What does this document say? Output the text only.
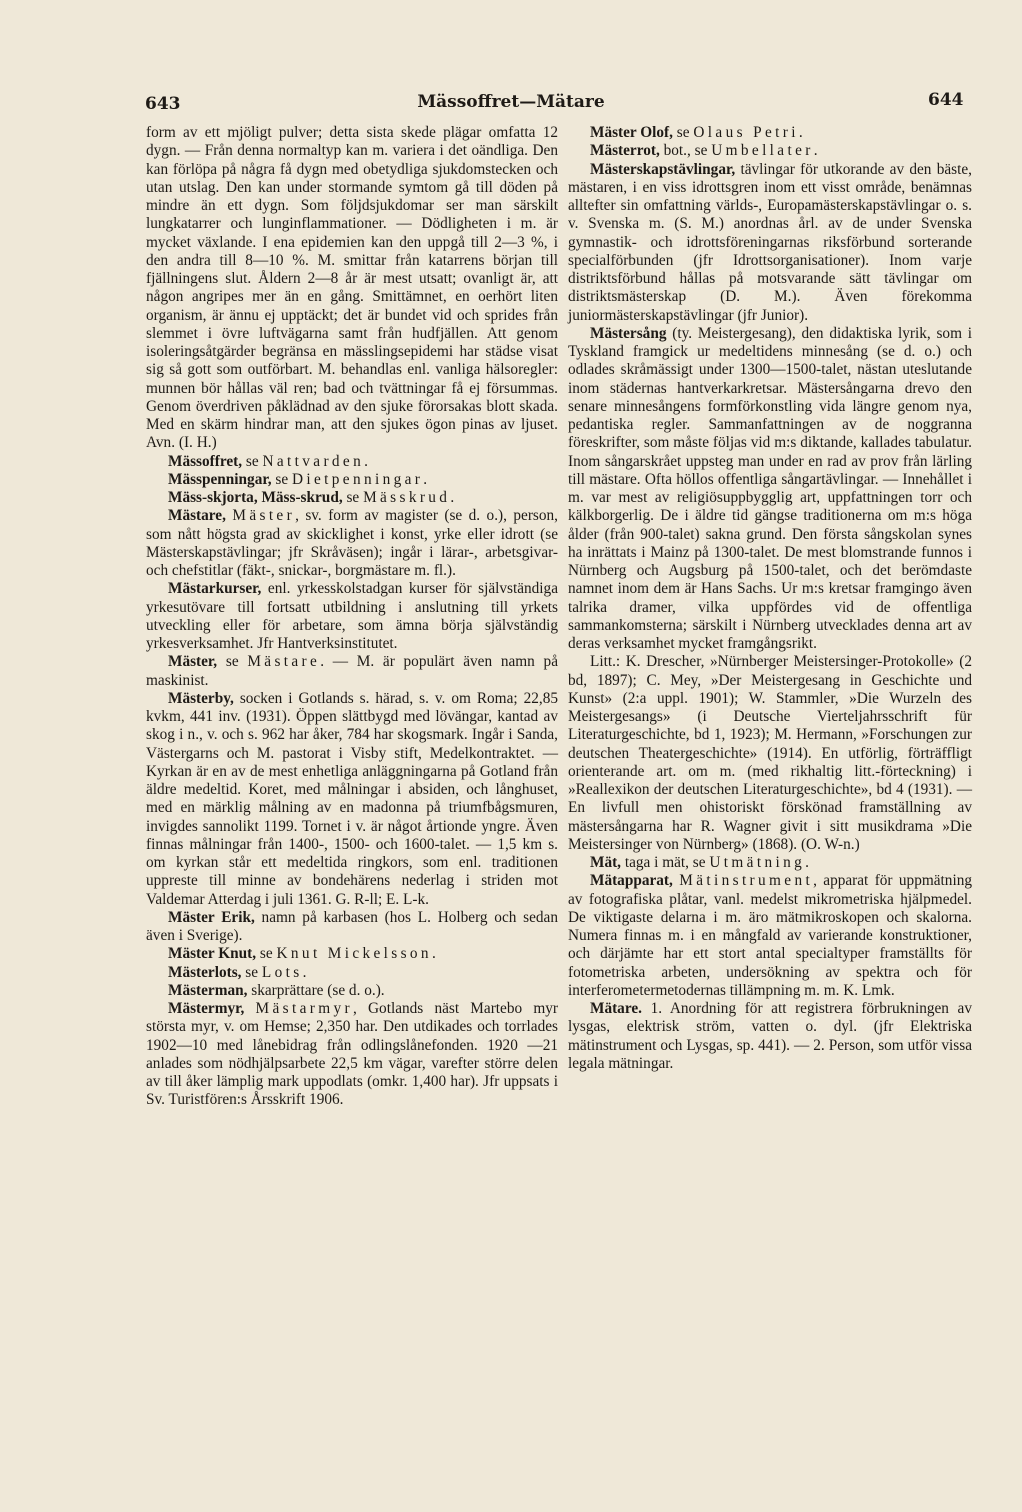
643	Mässoffret—Mätare	644

form av ett mjöligt pulver; detta sista skede plägar omfatta 12 dygn. — Från denna normaltyp kan m. variera i det oändliga. Den kan förlöpa på några få dygn med obetydliga sjukdomstecken och utan utslag. Den kan under stormande symtom gå till döden på mindre än ett dygn. Som följdsjukdomar ser man särskilt lungkatarrer och lunginflammationer. — Dödligheten i m. är mycket växlande. I ena epidemien kan den uppgå till 2—3 %, i den andra till 8—10 %. M. smittar från katarrens början till fjällningens slut. Åldern 2—8 år är mest utsatt; ovanligt är, att någon angripes mer än en gång. Smittämnet, en oerhört liten organism, är ännu ej upptäckt; det är bundet vid och sprides från slemmet i övre luftvägarna samt från hudfjällen. Att genom isoleringsåtgärder begränsa en mässlingsepidemi har städse visat sig så gott som outförbart. M. behandlas enl. vanliga hälsoregler: munnen bör hållas väl ren; bad och tvättningar få ej försummas. Genom överdriven påklädnad av den sjuke förorsakas blott skada. Med en skärm hindrar man, att den sjukes ögon pinas av ljuset. Avn. (I. H.)

Mässoffret, se Nattvarden.

Mässpenningar, se Dietpenningar.

Mäss-skjorta, Mäss-skrud, se Mässkrud.

Mästare, Mäster, sv. form av magister (se d. o.), person, som nått högsta grad av skicklighet i konst, yrke eller idrott (se Mästerskapstävlingar; jfr Skråväsen); ingår i lärar-, arbetsgivar- och chefstitlar (fäkt-, snickar-, borgmästare m. fl.).

Mästarkurser, enl. yrkesskolstadgan kurser för självständiga yrkesutövare till fortsatt utbildning i anslutning till yrkets utveckling eller för arbetare, som ämna börja självständig yrkesverksamhet. Jfr Hantverksinstitutet.

Mäster, se Mästare. — M. är populärt även namn på maskinist.

Mästerby, socken i Gotlands s. härad, s. v. om Roma; 22,85 kvkm, 441 inv. (1931). Öppen slättbygd med lövängar, kantad av skog i n., v. och s. 962 har åker, 784 har skogsmark. Ingår i Sanda, Västergarns och M. pastorat i Visby stift, Medelkontraktet. — Kyrkan är en av de mest enhetliga anläggningarna på Gotland från äldre medeltid. Koret, med målningar i absiden, och långhuset, med en märklig målning av en madonna på triumfbågsmuren, invigdes sannolikt 1199. Tornet i v. är något årtionde yngre. Även finnas målningar från 1400-, 1500- och 1600-talet. — 1,5 km s. om kyrkan står ett medeltida ringkors, som enl. traditionen uppreste till minne av bondehärens nederlag i striden mot Valdemar Atterdag i juli 1361. G. R-ll; E. L-k.

Mäster Erik, namn på karbasen (hos L. Holberg och sedan även i Sverige).

Mäster Knut, se Knut Mickelsson.

Mästerlots, se Lots.

Mästerman, skarprättare (se d. o.).

Mästermyr, Mästarmyr, Gotlands näst Martebo myr största myr, v. om Hemse; 2,350 har. Den utdikades och torrlades 1902—10 med lånebidrag från odlingslånefonden. 1920 —21 anlades som nödhjälpsarbete 22,5 km vägar, varefter större delen av till åker lämplig mark uppodlats (omkr. 1,400 har). Jfr uppsats i Sv. Turistfören:s Årsskrift 1906.

Mäster Olof, se Olaus Petri.

Mästerrot, bot., se Umbellater.

Mästerskapstävlingar, tävlingar för utkorande av den bäste, mästaren, i en viss idrottsgren inom ett visst område, benämnas alltefter sin omfattning världs-, Europamästerskapstävlingar o. s. v. Svenska m. (S. M.) anordnas årl. av de under Svenska gymnastik- och idrottsföreningarnas riksförbund sorterande specialförbunden (jfr Idrottsorganisationer). Inom varje distriktsförbund hållas på motsvarande sätt tävlingar om distriktsmästerskap (D. M.). Även förekomma juniormästerskapstävlingar (jfr Junior).

Mästersång (ty. Meistergesang), den didaktiska lyrik, som i Tyskland framgick ur medeltidens minnesång (se d. o.) och odlades skråmässigt under 1300—1500-talet, nästan uteslutande inom städernas hantverkarkretsar. Mästersångarna drevo den senare minnesångens formförkonstling vida längre genom nya, pedantiska regler. Sammanfattningen av de noggranna föreskrifter, som måste följas vid m:s diktande, kallades tabulatur. Inom sångarskrået uppsteg man under en rad av prov från lärling till mästare. Ofta höllos offentliga sångartävlingar. — Innehållet i m. var mest av religiösuppbygglig art, uppfattningen torr och kälkborgerlig. De i äldre tid gängse traditionerna om m:s höga ålder (från 900-talet) sakna grund. Den första sångskolan synes ha inrättats i Mainz på 1300-talet. De mest blomstrande funnos i Nürnberg och Augsburg på 1500-talet, och det berömdaste namnet inom dem är Hans Sachs. Ur m:s kretsar framgingo även talrika dramer, vilka uppfördes vid de offentliga sammankomsterna; särskilt i Nürnberg utvecklades denna art av deras verksamhet mycket framgångsrikt.

Litt.: K. Drescher, »Nürnberger Meistersinger-Protokolle» (2 bd, 1897); C. Mey, »Der Meistergesang in Geschichte und Kunst» (2:a uppl. 1901); W. Stammler, »Die Wurzeln des Meistergesangs» (i Deutsche Vierteljahrsschrift für Literaturgeschichte, bd 1, 1923); M. Hermann, »Forschungen zur deutschen Theatergeschichte» (1914). En utförlig, förträffligt orienterande art. om m. (med rikhaltig litt.-förteckning) i »Reallexikon der deutschen Literaturgeschichte», bd 4 (1931). —En livfull men ohistoriskt förskönad framställning av mästersångarna har R. Wagner givit i sitt musikdrama »Die Meistersinger von Nürnberg» (1868). (O. W-n.)

Mät, taga i mät, se Utmätning.

Mätapparat, Mätinstrument, apparat för uppmätning av fotografiska plåtar, vanl. medelst mikrometriska hjälpmedel. De viktigaste delarna i m. äro mätmikroskopen och skalorna. Numera finnas m. i en mångfald av varierande konstruktioner, och därjämte har ett stort antal specialtyper framställts för fotometriska arbeten, undersökning av spektra och för interferometermetodernas tillämpning m. m. K. Lmk.

Mätare. 1. Anordning för att registrera förbrukningen av lysgas, elektrisk ström, vatten o. dyl. (jfr Elektriska mätinstrument och Lysgas, sp. 441). — 2. Person, som utför vissa legala mätningar.
